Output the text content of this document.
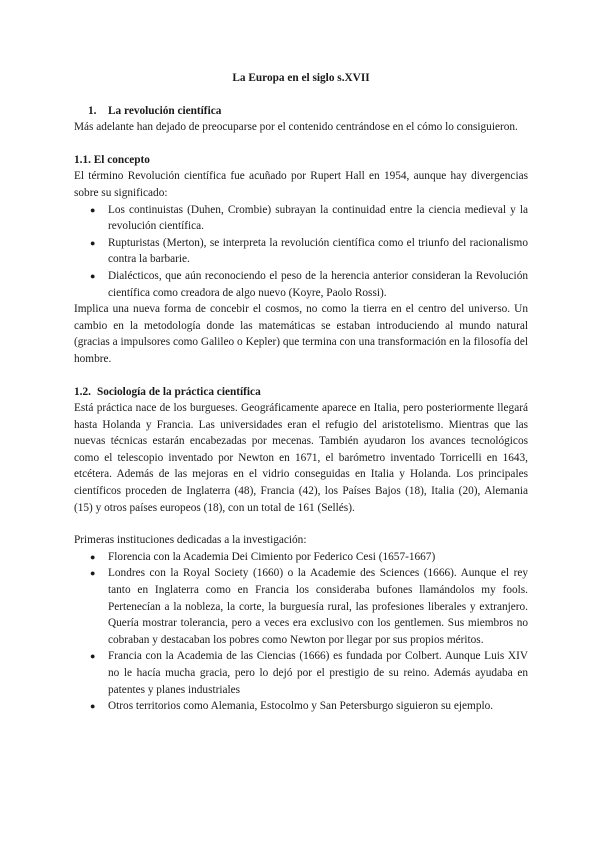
La Europa en el siglo s.XVII
1. La revolución científica

Más adelante han dejado de preocuparse por el contenido centrándose en el cómo lo consiguieron.

1.1. El concepto

El término Revolución científica fue acuñado por Rupert Hall en 1954, aunque hay divergencias sobre su significado:

● Los continuistas (Duhen, Crombie) subrayan la continuidad entre la ciencia medieval y la revolución científica.
● Rupturistas (Merton), se interpreta la revolución científica como el triunfo del racionalismo contra la barbarie.
● Dialécticos, que aún reconociendo el peso de la herencia anterior consideran la Revolución científica como creadora de algo nuevo (Koyre, Paolo Rossi).

Implica una nueva forma de concebir el cosmos, no como la tierra en el centro del universo. Un cambio en la metodología donde las matemáticas se estaban introduciendo al mundo natural (gracias a impulsores como Galileo o Kepler) que termina con una transformación en la filosofía del hombre.

1.2. Sociología de la práctica científica

Está práctica nace de los burgueses. Geográficamente aparece en Italia, pero posteriormente llegará hasta Holanda y Francia. Las universidades eran el refugio del aristotelismo. Mientras que las nuevas técnicas estarán encabezadas por mecenas. También ayudaron los avances tecnológicos como el telescopio inventado por Newton en 1671, el barómetro inventado Torricelli en 1643, etcétera. Además de las mejoras en el vidrio conseguidas en Italia y Holanda. Los principales científicos proceden de Inglaterra (48), Francia (42), los Países Bajos (18), Italia (20), Alemania (15) y otros países europeos (18), con un total de 161 (Sellés).

Primeras instituciones dedicadas a la investigación:

● Florencia con la Academia Dei Cimiento por Federico Cesi (1657-1667)
● Londres con la Royal Society (1660) o la Academie des Sciences (1666). Aunque el rey tanto en Inglaterra como en Francia los consideraba bufones llamándolos my fools. Pertenecían a la nobleza, la corte, la burguesía rural, las profesiones liberales y extranjero. Quería mostrar tolerancia, pero a veces era exclusivo con los gentlemen. Sus miembros no cobraban y destacaban los pobres como Newton por llegar por sus propios méritos.
● Francia con la Academia de las Ciencias (1666) es fundada por Colbert. Aunque Luis XIV no le hacía mucha gracia, pero lo dejó por el prestigio de su reino. Además ayudaba en patentes y planes industriales
● Otros territorios como Alemania, Estocolmo y San Petersburgo siguieron su ejemplo.
